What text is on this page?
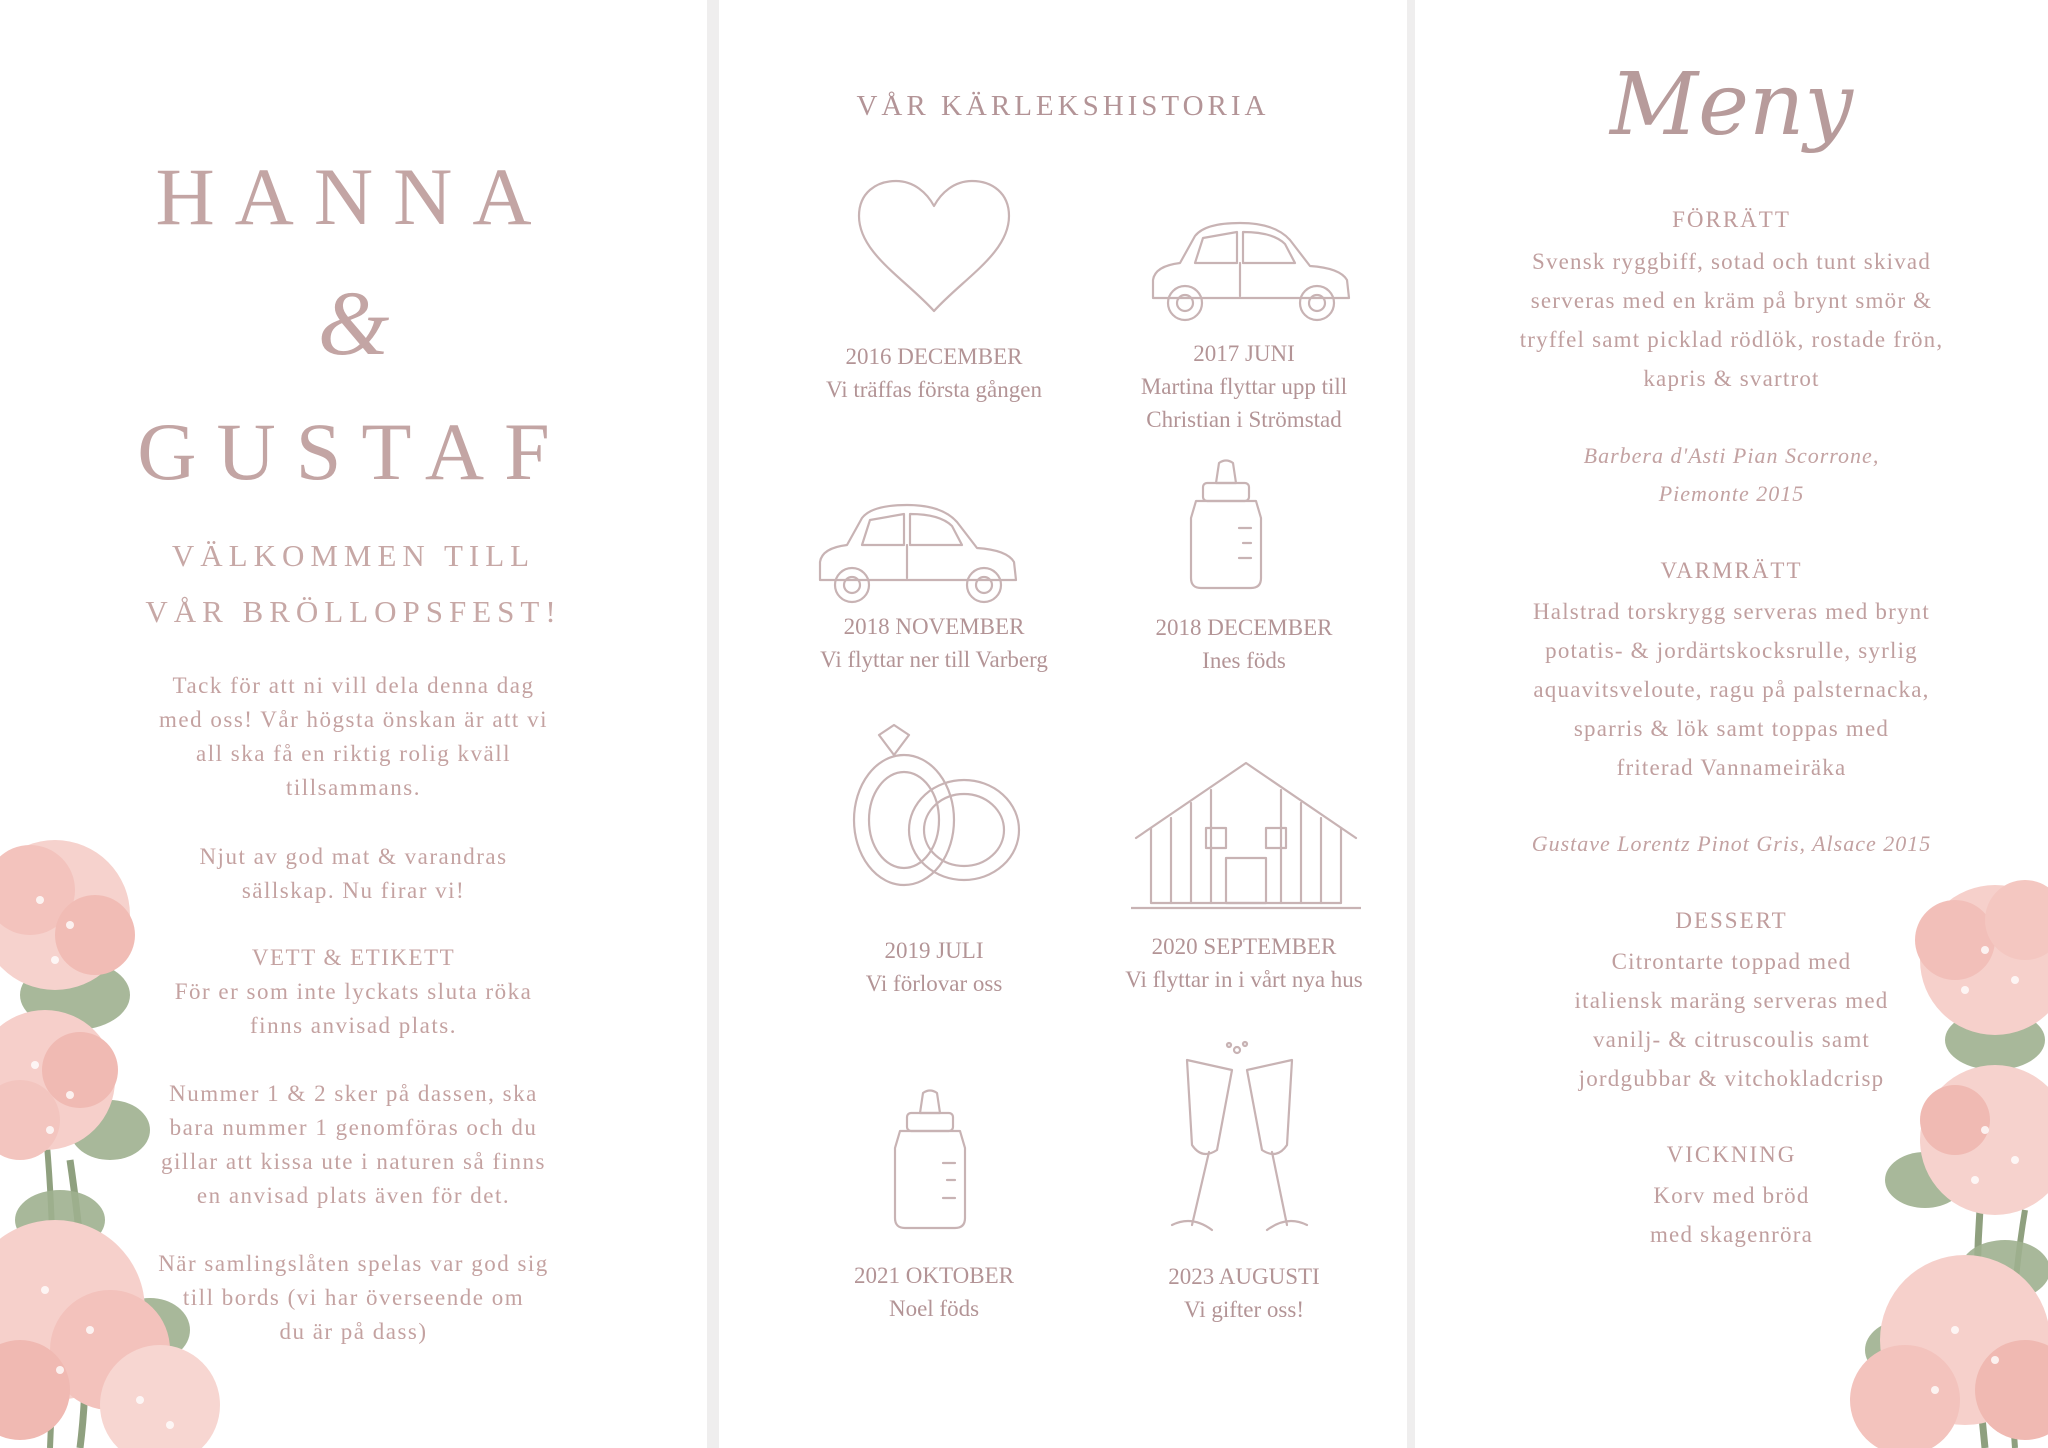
HANNA
&
GUSTAF
VÄLKOMMEN TILL
VÅR BRÖLLOPSFEST!
Tack för att ni vill dela denna dag
med oss! Vår högsta önskan är att vi
all ska få en riktig rolig kväll
tillsammans.
Njut av god mat & varandras
sällskap. Nu firar vi!
VETT & ETIKETT
För er som inte lyckats sluta röka
finns anvisad plats.
Nummer 1 & 2 sker på dassen, ska
bara nummer 1 genomföras och du
gillar att kissa ute i naturen så finns
en anvisad plats även för det.
När samlingslåten spelas var god sig
till bords (vi har överseende om
du är på dass)
VÅR KÄRLEKSHISTORIA
2016 DECEMBER
Vi träffas första gången
2017 JUNI
Martina flyttar upp till
Christian i Strömstad
2018 NOVEMBER
Vi flyttar ner till Varberg
2018 DECEMBER
Ines föds
2019 JULI
Vi förlovar oss
2020 SEPTEMBER
Vi flyttar in i vårt nya hus
2021 OKTOBER
Noel föds
2023 AUGUSTI
Vi gifter oss!
Meny
FÖRRÄTT
Svensk ryggbiff, sotad och tunt skivad
serveras med en kräm på brynt smör &
tryffel samt picklad rödlök, rostade frön,
kapris & svartrot
Barbera d'Asti Pian Scorrone,
Piemonte 2015
VARMRÄTT
Halstrad torskrygg serveras med brynt
potatis- & jordärtskocksrulle, syrlig
aquavitsveloute, ragu på palsternacka,
sparris & lök samt toppas med
friterad Vannameiräka
Gustave Lorentz Pinot Gris, Alsace 2015
DESSERT
Citrontarte toppad med
italiensk maräng serveras med
vanilj- & citruscoulis samt
jordgubbar & vitchokladcrisp
VICKNING
Korv med bröd
med skagenröra
